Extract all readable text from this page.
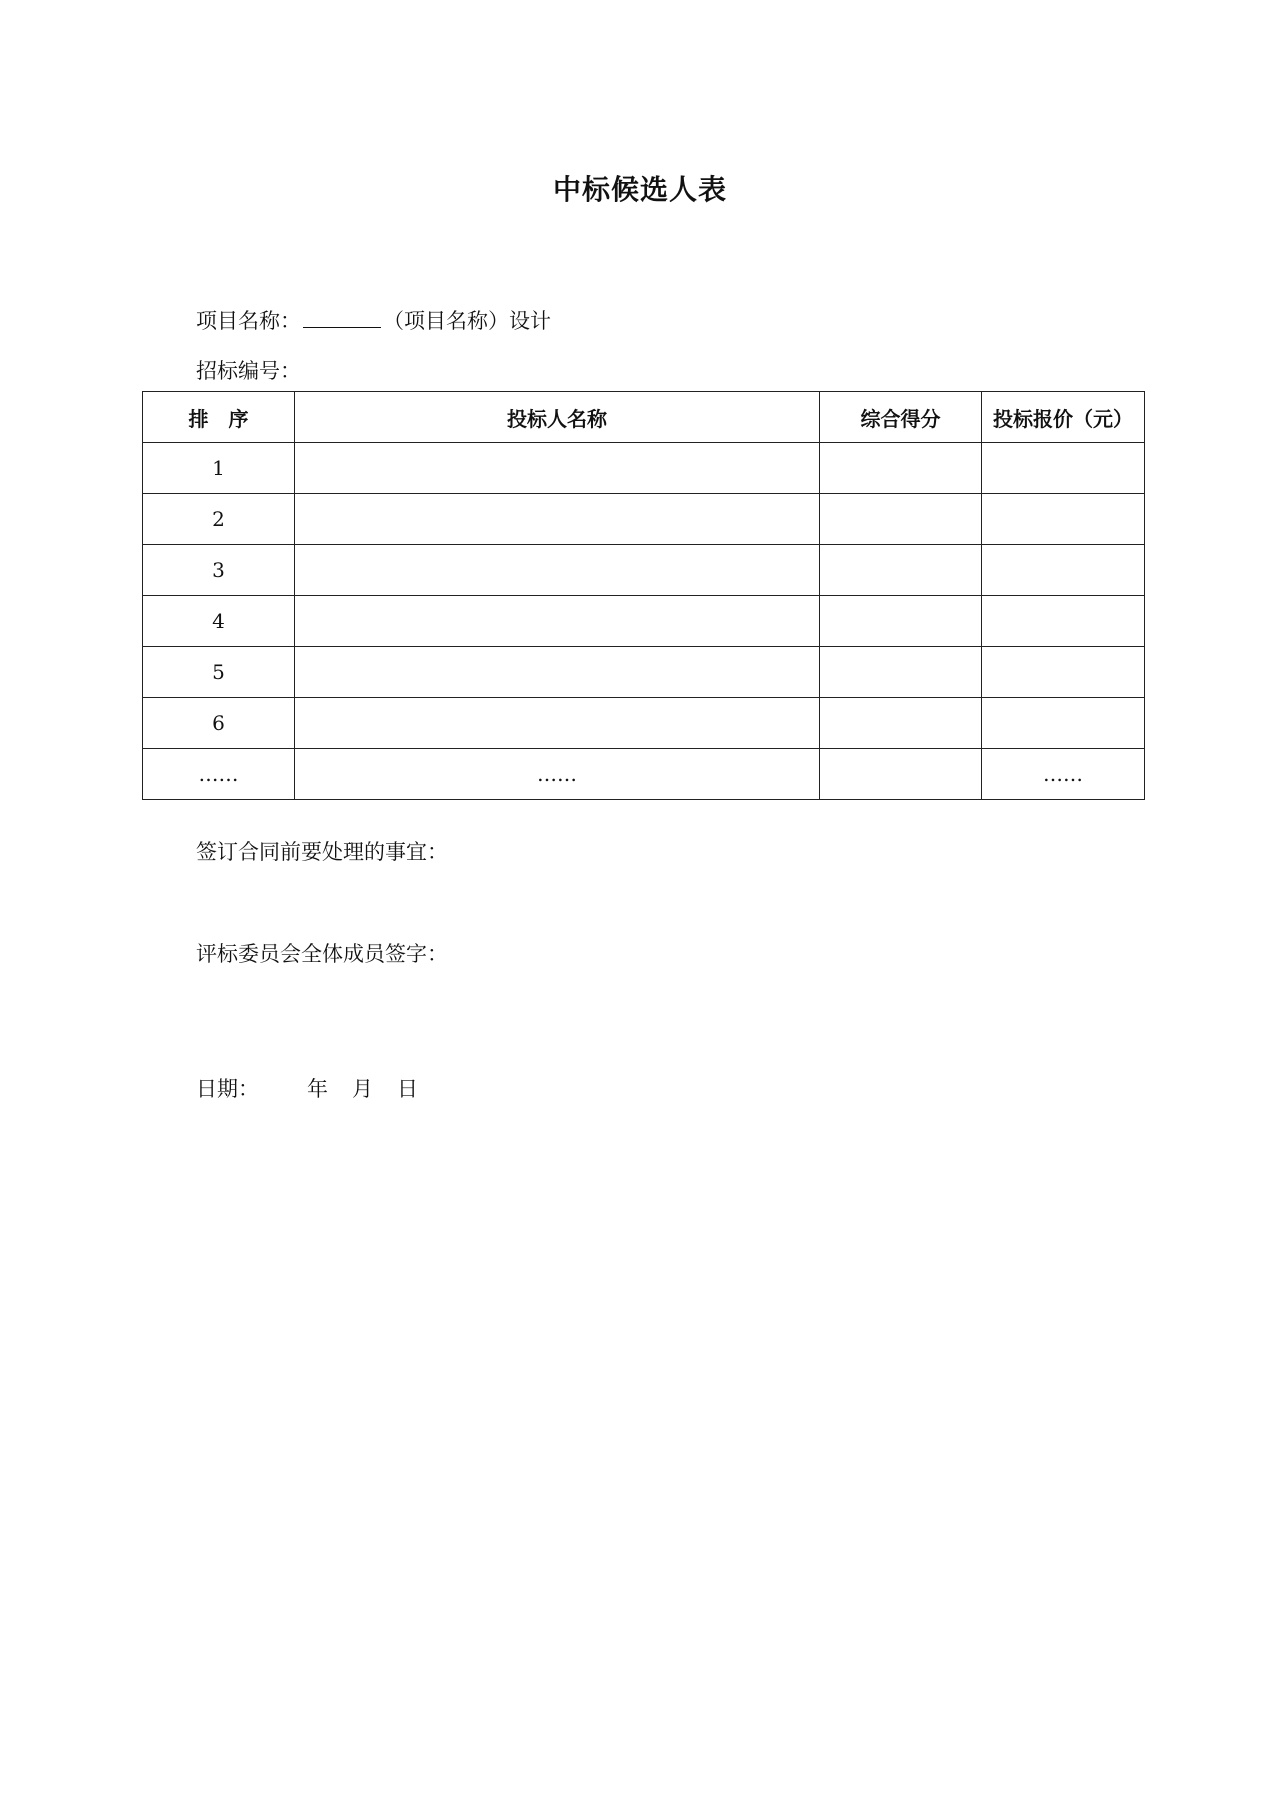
中标候选人表
项目名称：	（项目名称）设计
招标编号：
排　序	投标人名称	综合得分	投标报价（元）
1			
2			
3			
4			
5			
6			
……	……		……
签订合同前要处理的事宜：
评标委员会全体成员签字：
日期： 年 月 日
